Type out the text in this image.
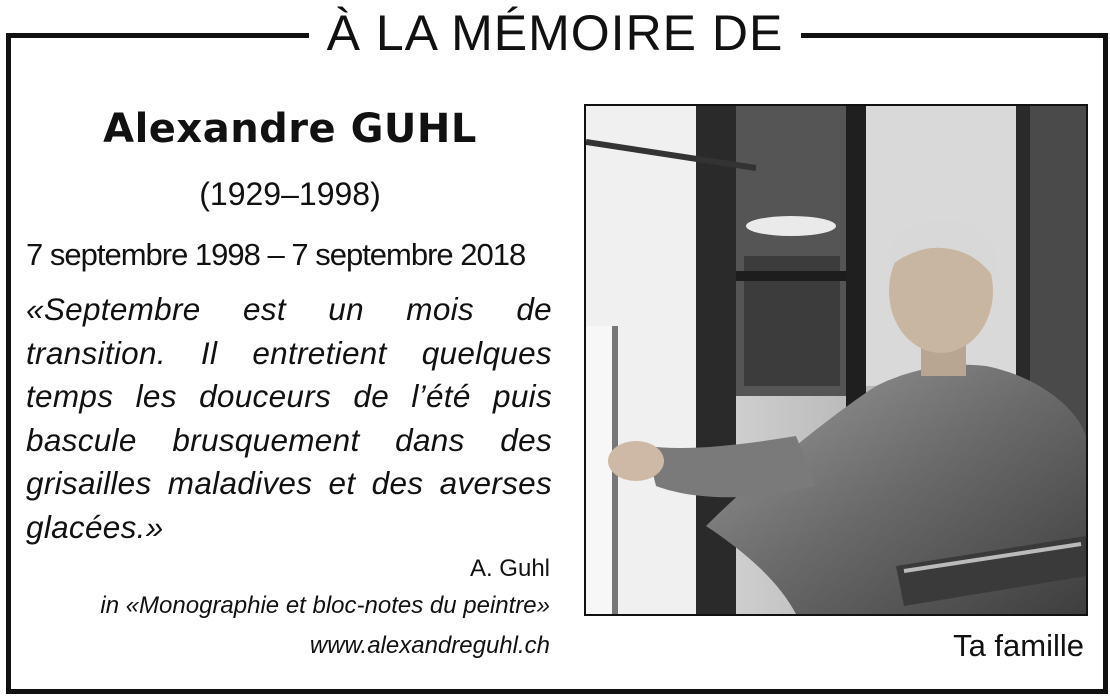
À LA MÉMOIRE DE
Alexandre GUHL
(1929–1998)
7 septembre 1998 – 7 septembre 2018
«Septembre est un mois de transition. Il entretient quelques temps les douceurs de l’été puis bascule brusquement dans des grisailles maladives et des averses glacées.»
A. Guhl
in «Monographie et bloc-notes du peintre»
www.alexandreguhl.ch	Ta famille
